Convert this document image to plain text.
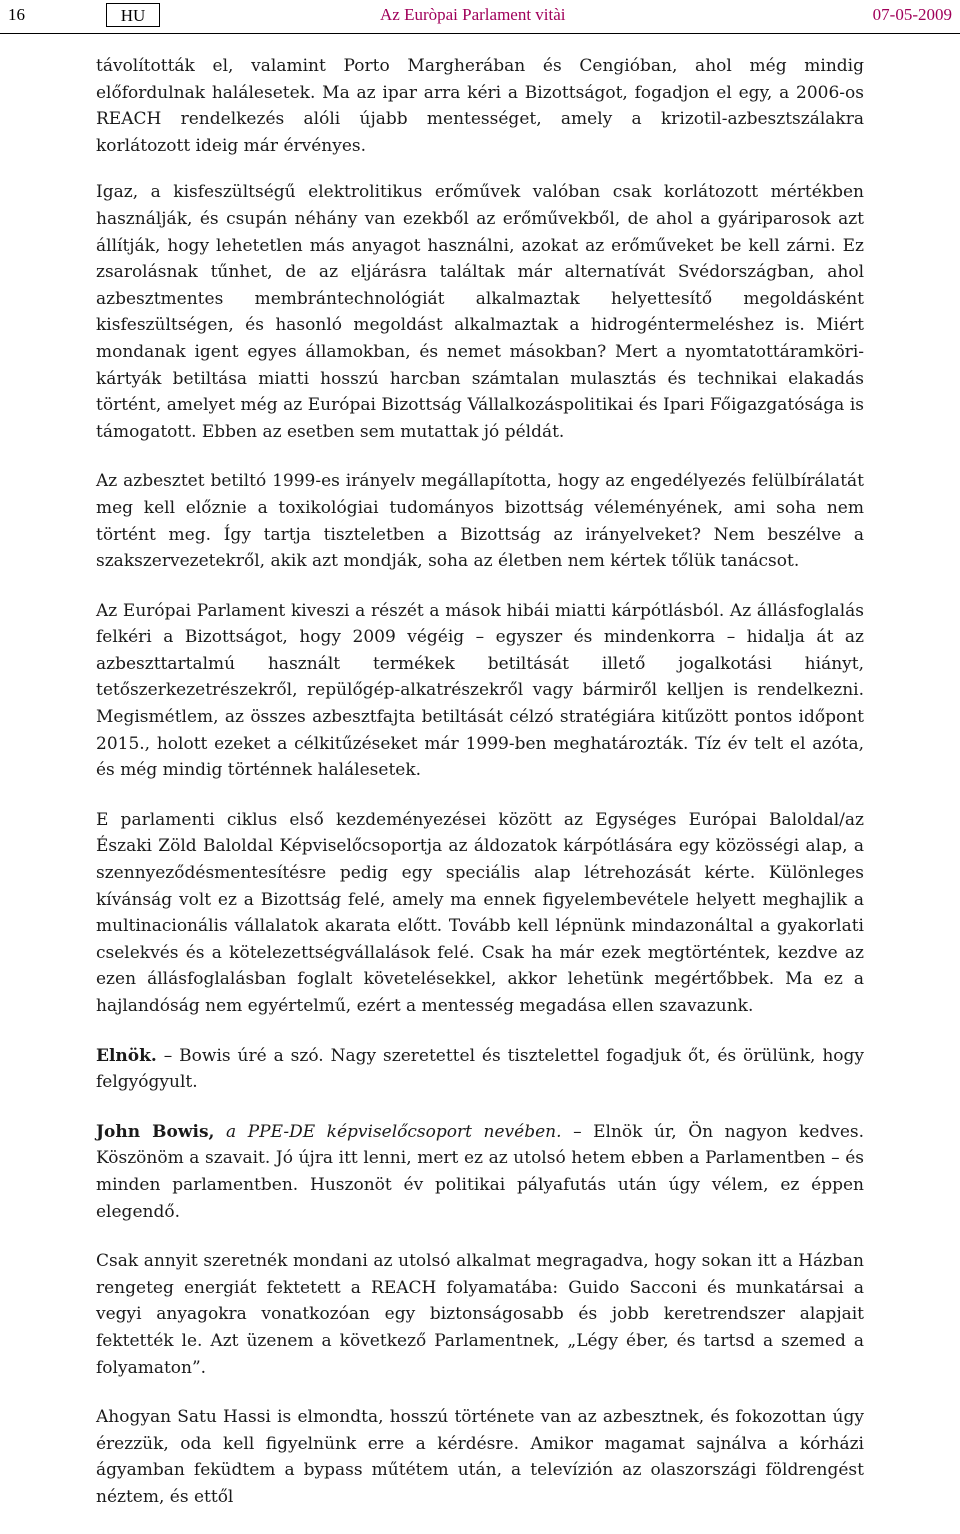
16	HU	Az Euròpai Parlament vitài	07-05-2009

távolították el, valamint Porto Margherában és Cengióban, ahol még mindig előfordulnak halálesetek. Ma az ipar arra kéri a Bizottságot, fogadjon el egy, a 2006-os REACH rendelkezés alóli újabb mentességet, amely a krizotil-azbesztszálakra korlátozott ideig már érvényes.

Igaz, a kisfeszültségű elektrolitikus erőművek valóban csak korlátozott mértékben használják, és csupán néhány van ezekből az erőművekből, de ahol a gyáriparosok azt állítják, hogy lehetetlen más anyagot használni, azokat az erőműveket be kell zárni. Ez zsarolásnak tűnhet, de az eljárásra találtak már alternatívát Svédországban, ahol azbesztmentes membrántechnológiát alkalmaztak helyettesítő megoldásként kisfeszültségen, és hasonló megoldást alkalmaztak a hidrogéntermeléshez is. Miért mondanak igent egyes államokban, és nemet másokban? Mert a nyomtatottáramköri-kártyák betiltása miatti hosszú harcban számtalan mulasztás és technikai elakadás történt, amelyet még az Európai Bizottság Vállalkozáspolitikai és Ipari Főigazgatósága is támogatott. Ebben az esetben sem mutattak jó példát.

Az azbesztet betiltó 1999-es irányelv megállapította, hogy az engedélyezés felülbírálatát meg kell előznie a toxikológiai tudományos bizottság véleményének, ami soha nem történt meg. Így tartja tiszteletben a Bizottság az irányelveket? Nem beszélve a szakszervezetekről, akik azt mondják, soha az életben nem kértek tőlük tanácsot.

Az Európai Parlament kiveszi a részét a mások hibái miatti kárpótlásból. Az állásfoglalás felkéri a Bizottságot, hogy 2009 végéig – egyszer és mindenkorra – hidalja át az azbeszttartalmú használt termékek betiltását illető jogalkotási hiányt, tetőszerkezetrészekről, repülőgép-alkatrészekről vagy bármiről kelljen is rendelkezni. Megismétlem, az összes azbesztfajta betiltását célzó stratégiára kitűzött pontos időpont 2015., holott ezeket a célkitűzéseket már 1999-ben meghatározták. Tíz év telt el azóta, és még mindig történnek halálesetek.

E parlamenti ciklus első kezdeményezései között az Egységes Európai Baloldal/az Északi Zöld Baloldal Képviselőcsoportja az áldozatok kárpótlására egy közösségi alap, a szennyeződésmentesítésre pedig egy speciális alap létrehozását kérte. Különleges kívánság volt ez a Bizottság felé, amely ma ennek figyelembevétele helyett meghajlik a multinacionális vállalatok akarata előtt. Tovább kell lépnünk mindazonáltal a gyakorlati cselekvés és a kötelezettségvállalások felé. Csak ha már ezek megtörténtek, kezdve az ezen állásfoglalásban foglalt követelésekkel, akkor lehetünk megértőbbek. Ma ez a hajlandóság nem egyértelmű, ezért a mentesség megadása ellen szavazunk.

Elnök. – Bowis úré a szó. Nagy szeretettel és tisztelettel fogadjuk őt, és örülünk, hogy felgyógyult.

John Bowis, a PPE-DE képviselőcsoport nevében. – Elnök úr, Ön nagyon kedves. Köszönöm a szavait. Jó újra itt lenni, mert ez az utolsó hetem ebben a Parlamentben – és minden parlamentben. Huszonöt év politikai pályafutás után úgy vélem, ez éppen elegendő.

Csak annyit szeretnék mondani az utolsó alkalmat megragadva, hogy sokan itt a Házban rengeteg energiát fektetett a REACH folyamatába: Guido Sacconi és munkatársai a vegyi anyagokra vonatkozóan egy biztonságosabb és jobb keretrendszer alapjait fektették le. Azt üzenem a következő Parlamentnek, „Légy éber, és tartsd a szemed a folyamaton”.

Ahogyan Satu Hassi is elmondta, hosszú története van az azbesztnek, és fokozottan úgy érezzük, oda kell figyelnünk erre a kérdésre. Amikor magamat sajnálva a kórházi ágyamban feküdtem a bypass műtétem után, a televízión az olaszországi földrengést néztem, és ettől
